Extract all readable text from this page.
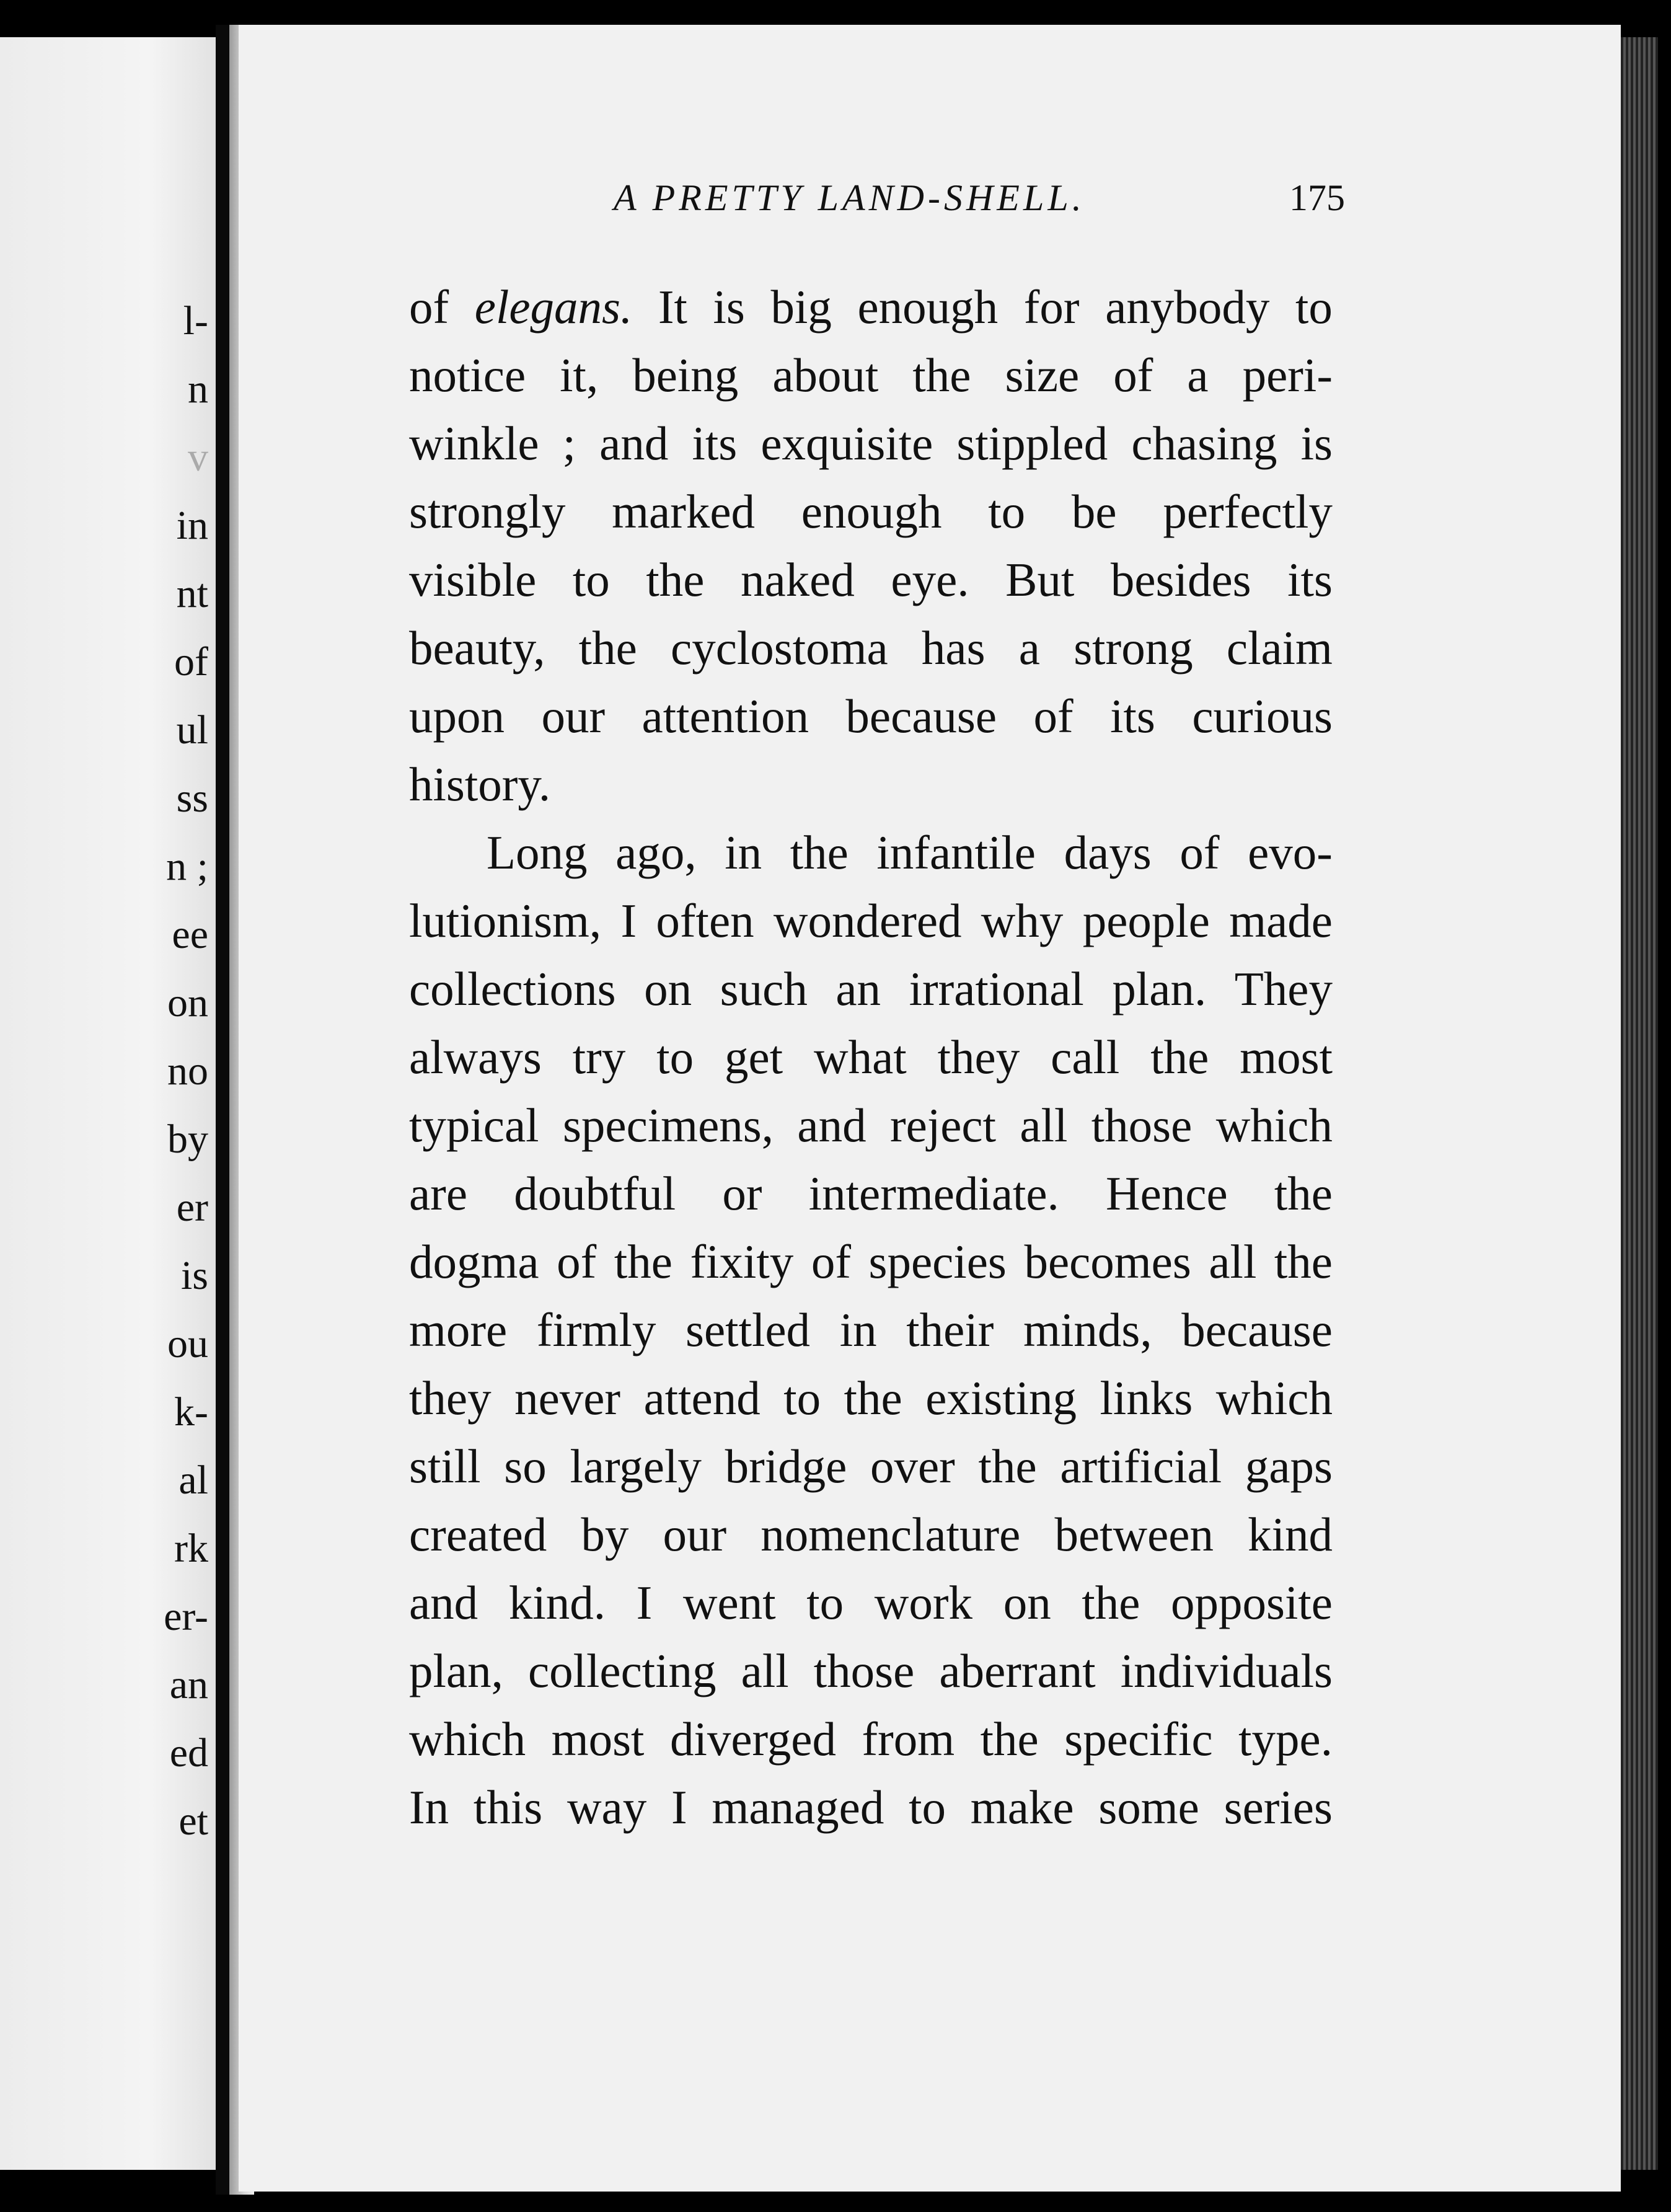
l-
n
v
in
nt
of
ul
ss
n ;
ee
on
no
by
er
is
ou
k-
al
rk
er-
an
ed
et
A PRETTY LAND-SHELL.	175
of elegans. It is big enough for anybody to
notice it, being about the size of a peri-
winkle ; and its exquisite stippled chasing is
strongly marked enough to be perfectly
visible to the naked eye. But besides its
beauty, the cyclostoma has a strong claim
upon our attention because of its curious
history.
Long ago, in the infantile days of evo-
lutionism, I often wondered why people made
collections on such an irrational plan. They
always try to get what they call the most
typical specimens, and reject all those which
are doubtful or intermediate. Hence the
dogma of the fixity of species becomes all the
more firmly settled in their minds, because
they never attend to the existing links which
still so largely bridge over the artificial gaps
created by our nomenclature between kind
and kind. I went to work on the opposite
plan, collecting all those aberrant individuals
which most diverged from the specific type.
In this way I managed to make some series
